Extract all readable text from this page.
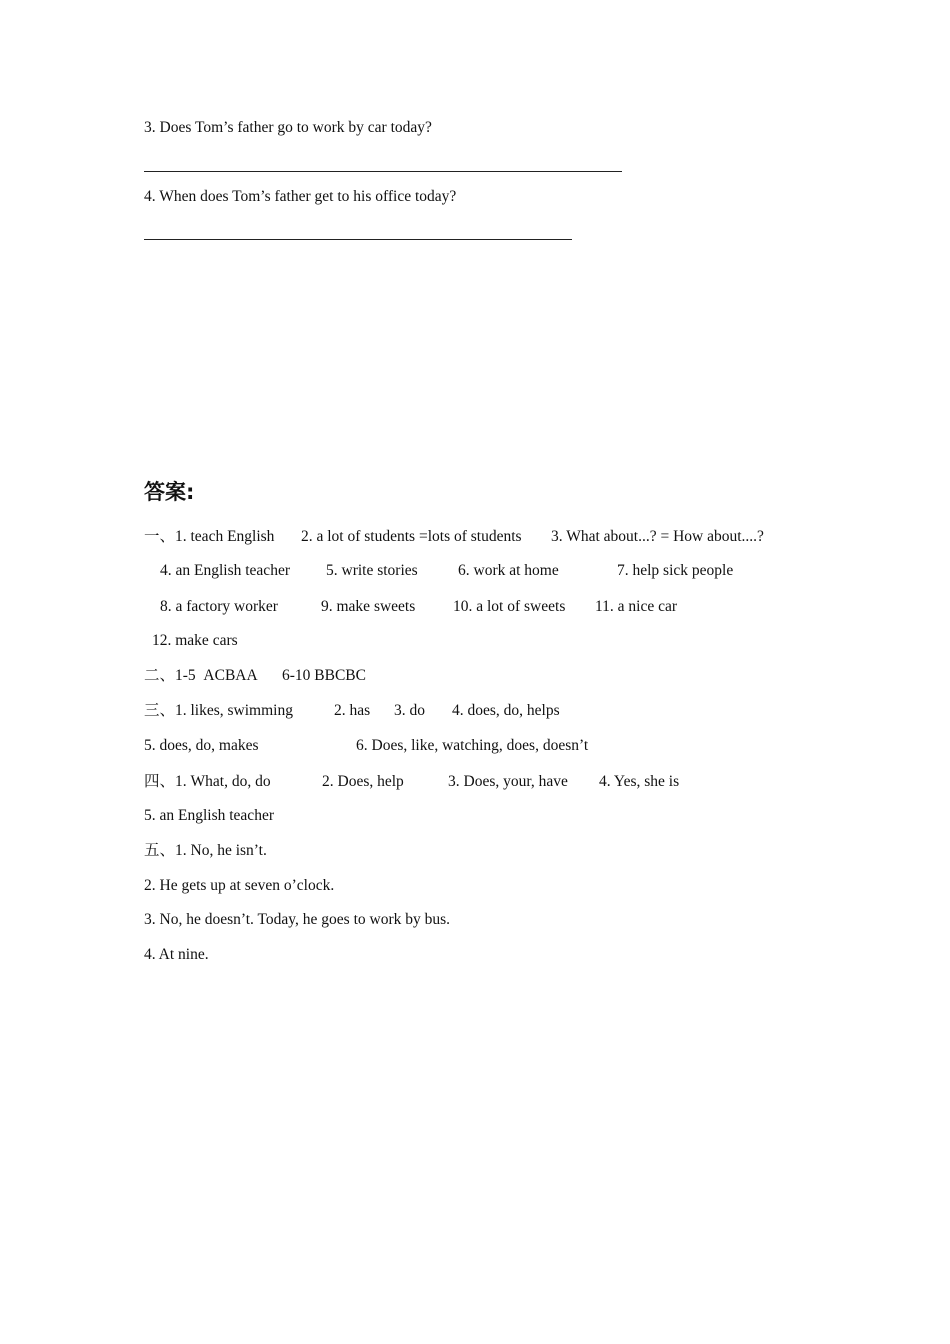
3. Does Tom’s father go to work by car today?
4. When does Tom’s father get to his office today?
答案:
一、1. teach English 2. a lot of students =lots of students 3. What about...? = How about....?
4. an English teacher 5. write stories	6. work at home	7. help sick people
8. a factory worker	9. make sweets 10. a lot of sweets 11. a nice car
12. make cars
二、1-5  ACBAA 6-10 BBCBC
三、1. likes, swimming	2. has 3. do 4. does, do, helps
5. does, do, makes	6. Does, like, watching, does, doesn’t
四、1. What, do, do	2. Does, help	3. Does, your, have 4. Yes, she is
5. an English teacher
五、1. No, he isn’t.
2. He gets up at seven o’clock.
3. No, he doesn’t. Today, he goes to work by bus.
4. At nine.
